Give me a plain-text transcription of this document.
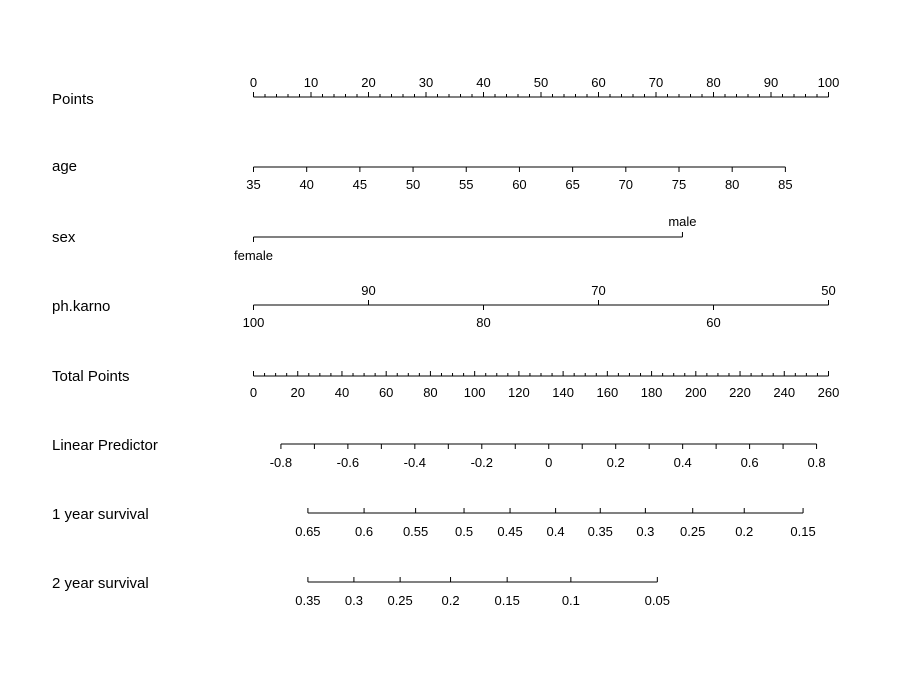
Points
0	10	20	30	40	50	60	70	80	90	100
age
35	40	45	50	55	60	65	70	75	80	85
sex
female
male
ph.karno
100
90
80
70
60
50
Total Points
0	20 40 60 80 100 120 140 160 180 200 220 240 260
Linear Predictor
-0.8	-0.6	-0.4	-0.2	0	0.2	0.4	0.6	0.8
1 year survival
0.65	0.6 0.55 0.5 0.45 0.4 0.35 0.3 0.25 0.2	0.15
2 year survival
0.35 0.3 0.25 0.2	0.15	0.1	0.05
